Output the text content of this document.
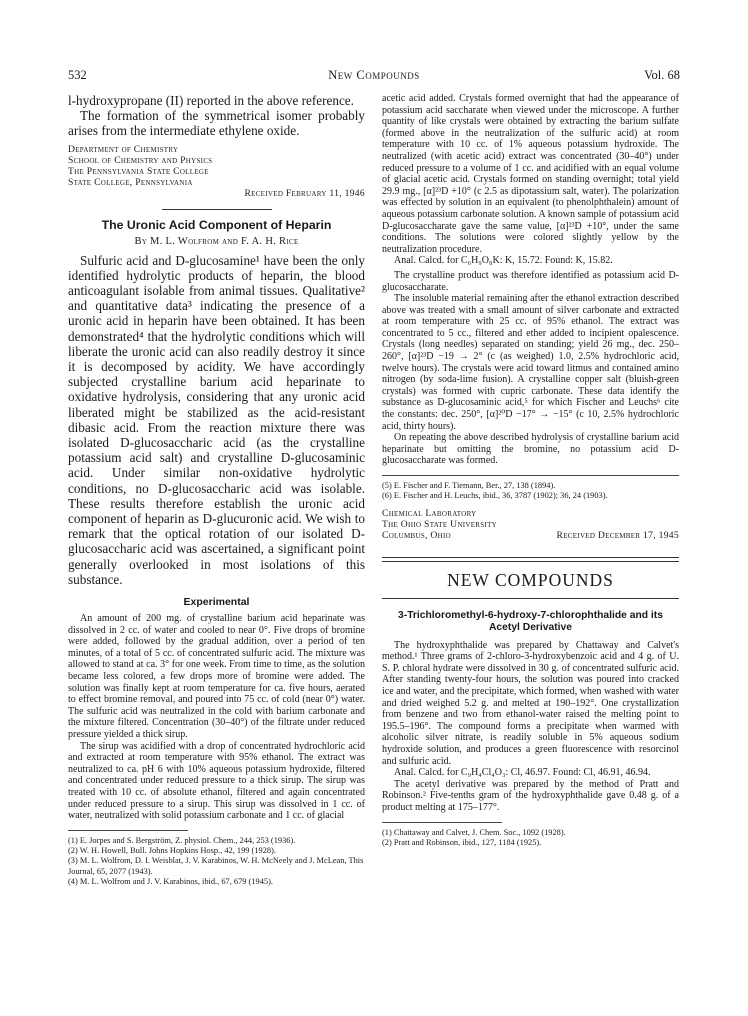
532	New Compounds	Vol. 68

l-hydroxypropane (II) reported in the above reference.

The formation of the symmetrical isomer probably arises from the intermediate ethylene oxide.

Department of Chemistry
School of Chemistry and Physics
The Pennsylvania State College
State College, Pennsylvania
Received February 11, 1946
The Uronic Acid Component of Heparin
By M. L. Wolfrom and F. A. H. Rice

Sulfuric acid and D-glucosamine¹ have been the only identified hydrolytic products of heparin, the blood anticoagulant isolable from animal tissues. Qualitative² and quantitative data³ indicating the presence of a uronic acid in heparin have been obtained. It has been demonstrated⁴ that the hydrolytic conditions which will liberate the uronic acid can also readily destroy it since it is decomposed by acidity. We have accordingly subjected crystalline barium acid heparinate to oxidative hydrolysis, considering that any uronic acid liberated might be stabilized as the acid-resistant dibasic acid. From the reaction mixture there was isolated D-glucosaccharic acid (as the crystalline potassium acid salt) and crystalline D-glucosaminic acid. Under similar non-oxidative hydrolytic conditions, no D-glucosaccharic acid was isolable. These results therefore establish the uronic acid component of heparin as D-glucuronic acid. We wish to remark that the optical rotation of our isolated D-glucosaccharic acid was ascertained, a significant point generally overlooked in most isolations of this substance.

Experimental

An amount of 200 mg. of crystalline barium acid heparinate was dissolved in 2 cc. of water and cooled to near 0°. Five drops of bromine were added, followed by the gradual addition, over a period of ten minutes, of a total of 5 cc. of concentrated sulfuric acid. The mixture was allowed to stand at ca. 3° for one week. From time to time, as the solution became less colored, a few drops more of bromine were added. The solution was finally kept at room temperature for ca. five hours, aerated to effect bromine removal, and poured into 75 cc. of cold (near 0°) water. The sulfuric acid was neutralized in the cold with barium carbonate and the mixture filtered. Concentration (30–40°) of the filtrate under reduced pressure yielded a thick sirup.

The sirup was acidified with a drop of concentrated hydrochloric acid and extracted at room temperature with 95% ethanol. The extract was neutralized to ca. pH 6 with 10% aqueous potassium hydroxide, filtered and concentrated under reduced pressure to a thick sirup. The sirup was treated with 10 cc. of absolute ethanol, filtered and again concentrated under reduced pressure to a sirup. This sirup was dissolved in 1 cc. of water, neutralized with solid potassium carbonate and 1 cc. of glacial

(1) E. Jorpes and S. Bergström, Z. physiol. Chem., 244, 253 (1936).
(2) W. H. Howell, Bull. Johns Hopkins Hosp., 42, 199 (1928).
(3) M. L. Wolfrom, D. I. Weisblat, J. V. Karabinos, W. H. McNeely and J. McLean, This Journal, 65, 2077 (1943).
(4) M. L. Wolfrom and J. V. Karabinos, ibid., 67, 679 (1945).

acetic acid added. Crystals formed overnight that had the appearance of potassium acid saccharate when viewed under the microscope. A further quantity of like crystals were obtained by extracting the barium sulfate (formed above in the neutralization of the sulfuric acid) at room temperature with 10 cc. of 1% aqueous potassium hydroxide. The neutralized (with acetic acid) extract was concentrated (30–40°) under reduced pressure to a volume of 1 cc. and acidified with an equal volume of glacial acetic acid. Crystals formed on standing overnight; total yield 29.9 mg., [α]²³D +10° (c 2.5 as dipotassium salt, water). The polarization was effected by solution in an equivalent (to phenolphthalein) amount of aqueous potassium carbonate solution. A known sample of potassium acid D-glucosaccharate gave the same value, [α]²³D +10°, under the same conditions. The solutions were colored slightly yellow by the neutralization procedure.

Anal. Calcd. for C₆H₉O₈K: K, 15.72. Found: K, 15.82.

The crystalline product was therefore identified as potassium acid D-glucosaccharate.

The insoluble material remaining after the ethanol extraction described above was treated with a small amount of silver carbonate and extracted at room temperature with 25 cc. of 95% ethanol. The extract was concentrated to 5 cc., filtered and ether added to incipient opalescence. Crystals (long needles) separated on standing; yield 26 mg., dec. 250–260°, [α]²³D −19 → 2° (c (as weighed) 1.0, 2.5% hydrochloric acid, twelve hours). The crystals were acid toward litmus and contained amino nitrogen (by soda-lime fusion). A crystalline copper salt (bluish-green crystals) was formed with cupric carbonate. These data identify the substance as D-glucosaminic acid,⁵ for which Fischer and Leuchs⁶ cite the constants: dec. 250°, [α]²⁰D −17° → −15° (c 10, 2.5% hydrochloric acid, thirty hours).

On repeating the above described hydrolysis of crystalline barium acid heparinate but omitting the bromine, no potassium acid D-glucosaccharate was formed.

(5) E. Fischer and F. Tiemann, Ber., 27, 138 (1894).
(6) E. Fischer and H. Leuchs, ibid., 36, 3787 (1902); 36, 24 (1903).
Chemical Laboratory
The Ohio State University
Columbus, Ohio	Received December 17, 1945
NEW COMPOUNDS
3-Trichloromethyl-6-hydroxy-7-chlorophthalide and its Acetyl Derivative

The hydroxyphthalide was prepared by Chattaway and Calvet's method.¹ Three grams of 2-chloro-3-hydroxybenzoic acid and 4 g. of U. S. P. chloral hydrate were dissolved in 30 g. of concentrated sulfuric acid. After standing twenty-four hours, the solution was poured into cracked ice and water, and the precipitate, which formed, when washed with water and dried weighed 5.2 g. and melted at 190–192°. One crystallization from benzene and two from ethanol-water raised the melting point to 195.5–196°. The compound forms a precipitate when warmed with alcoholic silver nitrate, is readily soluble in 5% aqueous sodium hydroxide solution, and produces a green fluorescence with resorcinol and sulfuric acid.

Anal. Calcd. for C₉H₄Cl₄O₃: Cl, 46.97. Found: Cl, 46.91, 46.94.

The acetyl derivative was prepared by the method of Pratt and Robinson.² Five-tenths gram of the hydroxyphthalide gave 0.48 g. of a product melting at 175–177°.

(1) Chattaway and Calvet, J. Chem. Soc., 1092 (1928).
(2) Pratt and Robinson, ibid., 127, 1184 (1925).
